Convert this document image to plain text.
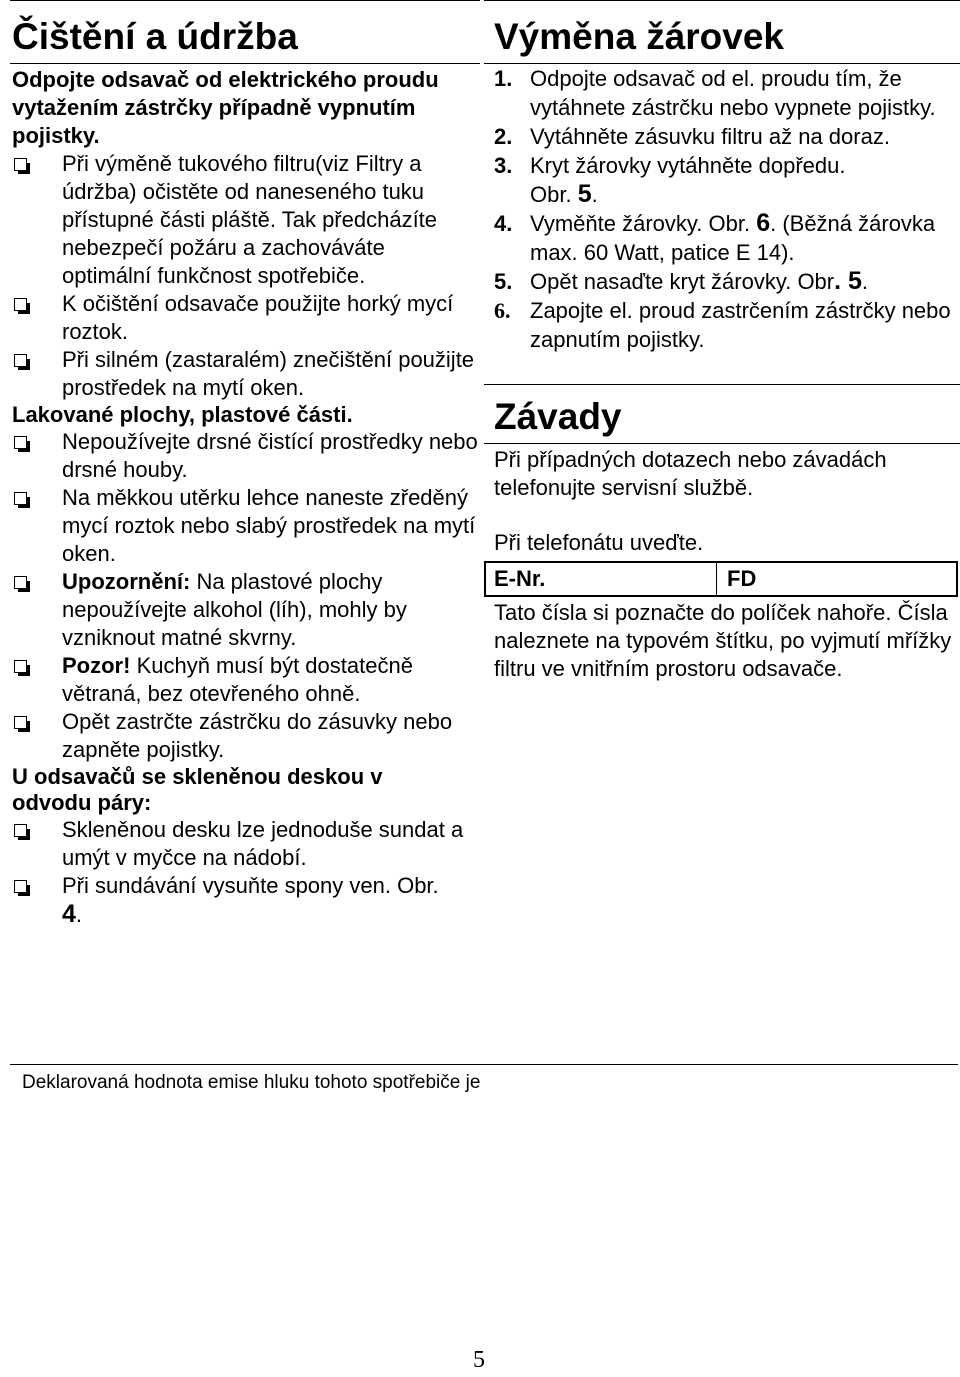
Čištění a údržba

Odpojte odsavač od elektrického proudu vytažením zástrčky případně vypnutím pojistky.

Při výměně tukového filtru(viz Filtry a údržba) očistěte od naneseného tuku přístupné části pláště. Tak předcházíte nebezpečí požáru a zachováváte optimální funkčnost spotřebiče.
K očištění odsavače použijte horký mycí roztok.
Při silném (zastaralém) znečištění použijte prostředek na mytí oken.
Lakované plochy, plastové části.
Nepoužívejte drsné čistící prostředky nebo drsné houby.
Na měkkou utěrku lehce naneste zředěný mycí roztok nebo slabý prostředek na mytí oken.
Upozornění: Na plastové plochy nepoužívejte alkohol (líh), mohly by vzniknout matné skvrny.
Pozor! Kuchyň musí být dostatečně větraná, bez otevřeného ohně.
Opět zastrčte zástrčku do zásuvky nebo zapněte pojistky.
U odsavačů se skleněnou deskou v odvodu páry:
Skleněnou desku lze jednoduše sundat a umýt v myčce na nádobí.
Při sundávání vysuňte spony ven. Obr. 4.
Výměna žárovek
1. Odpojte odsavač od el. proudu tím, že vytáhnete zástrčku nebo vypnete pojistky.
2. Vytáhněte zásuvku filtru až na doraz.
3. Kryt žárovky vytáhněte dopředu.
Obr. 5.
4. Vyměňte žárovky. Obr. 6. (Běžná žárovka max. 60 Watt, patice E 14).
5. Opět nasaďte kryt žárovky. Obr. 5.
6. Zapojte el. proud zastrčením zástrčky nebo zapnutím pojistky.
Závady

Při případných dotazech nebo závadách telefonujte servisní službě.

Při telefonátu uveďte.

E-Nr.	FD

Tato čísla si poznačte do políček nahoře. Čísla naleznete na typovém štítku, po vyjmutí mřížky filtru ve vnitřním prostoru odsavače.

Deklarovaná hodnota emise hluku tohoto spotřebiče je
5
